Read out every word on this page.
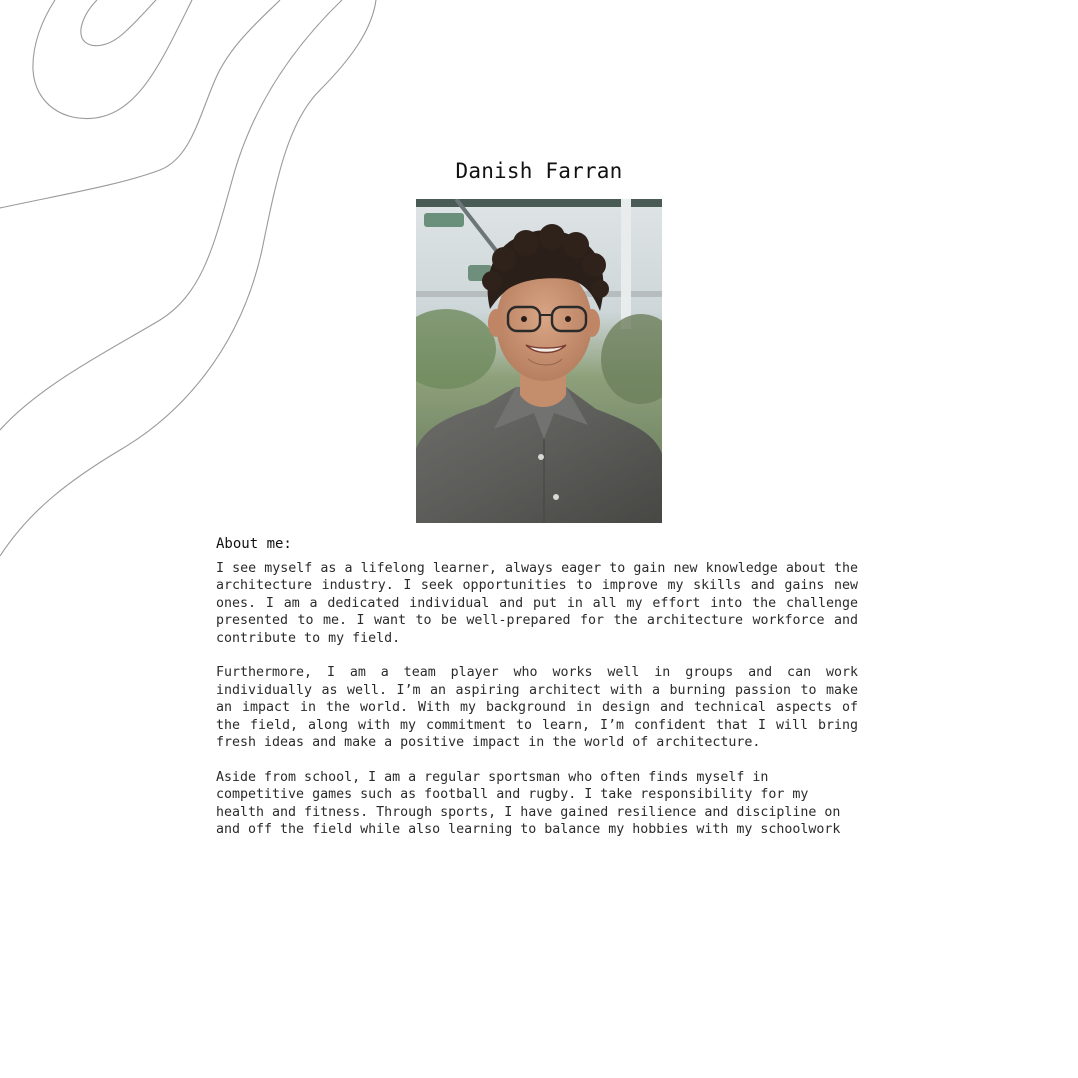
Danish Farran
About me:

I see myself as a lifelong learner, always eager to gain new knowledge about the architecture industry. I seek opportunities to improve my skills and gains new ones. I am a dedicated individual and put in all my effort into the challenge presented to me. I want to be well-prepared for the architecture workforce and contribute to my field.

Furthermore, I am a team player who works well in groups and can work individually as well. I’m an aspiring architect with a burning passion to make an impact in the world. With my background in design and technical aspects of the field, along with my commitment to learn, I’m confident that I will bring fresh ideas and make a positive impact in the world of architecture.

Aside from school, I am a regular sportsman who often finds myself in competitive games such as football and rugby. I take responsibility for my health and fitness. Through sports, I have gained resilience and discipline on and off the field while also learning to balance my hobbies with my schoolwork
